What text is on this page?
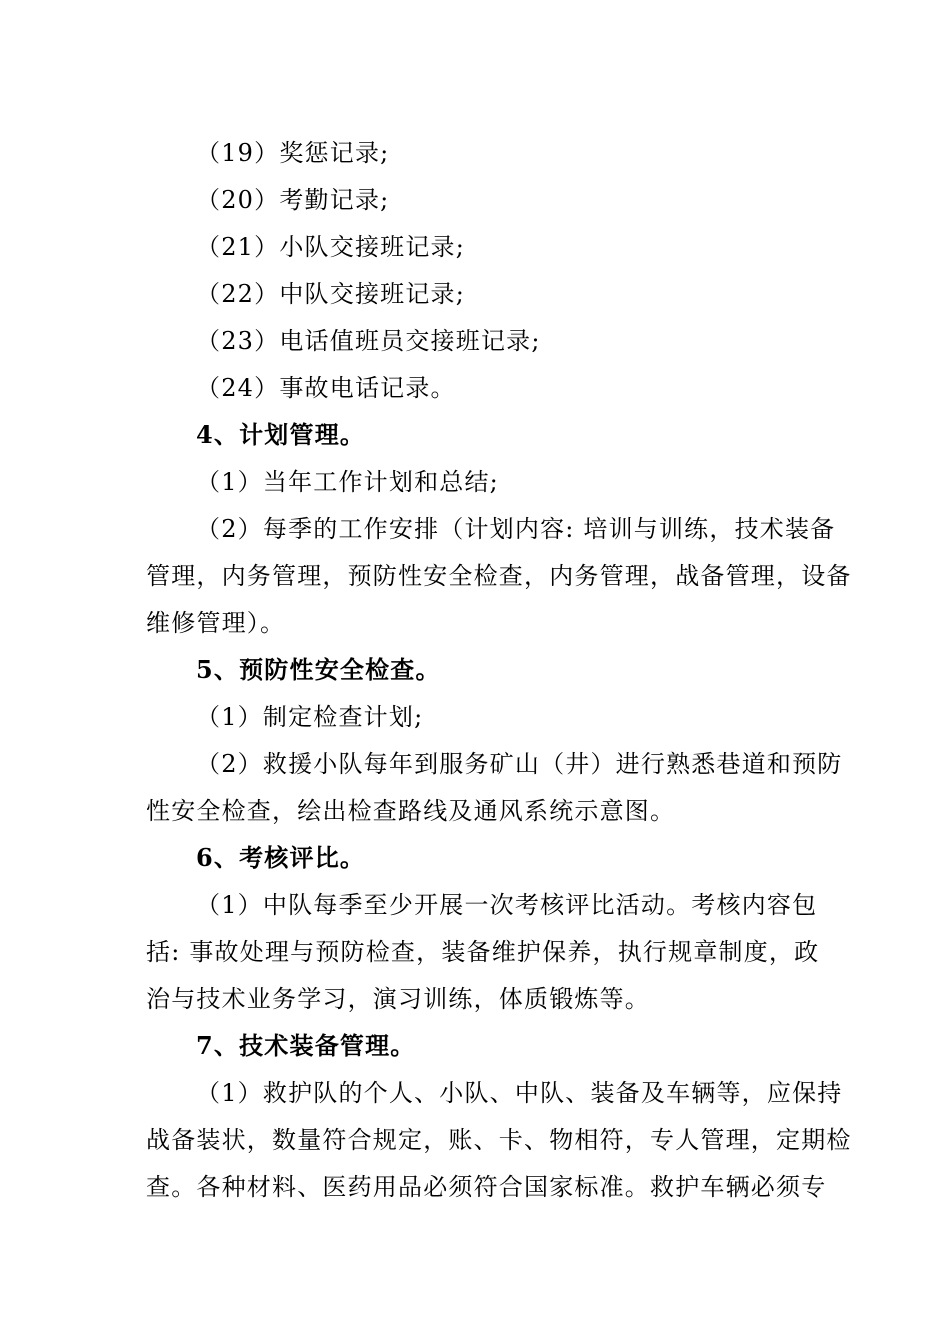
（19）奖惩记录;
（20）考勤记录;
（21）小队交接班记录;
（22）中队交接班记录;
（23）电话值班员交接班记录;
（24）事故电话记录。
4、计划管理。
（1）当年工作计划和总结;
（2）每季的工作安排（计划内容: 培训与训练，技术装备
管理，内务管理，预防性安全检查，内务管理，战备管理，设备
维修管理）。
5、预防性安全检查。
（1）制定检查计划;
（2）救援小队每年到服务矿山（井）进行熟悉巷道和预防
性安全检查，绘出检查路线及通风系统示意图。
6、考核评比。
（1）中队每季至少开展一次考核评比活动。考核内容包
括: 事故处理与预防检查，装备维护保养，执行规章制度，政
治与技术业务学习，演习训练，体质锻炼等。
7、技术装备管理。
（1）救护队的个人、小队、中队、装备及车辆等，应保持
战备装状，数量符合规定，账、卡、物相符，专人管理，定期检
查。各种材料、医药用品必须符合国家标准。救护车辆必须专
